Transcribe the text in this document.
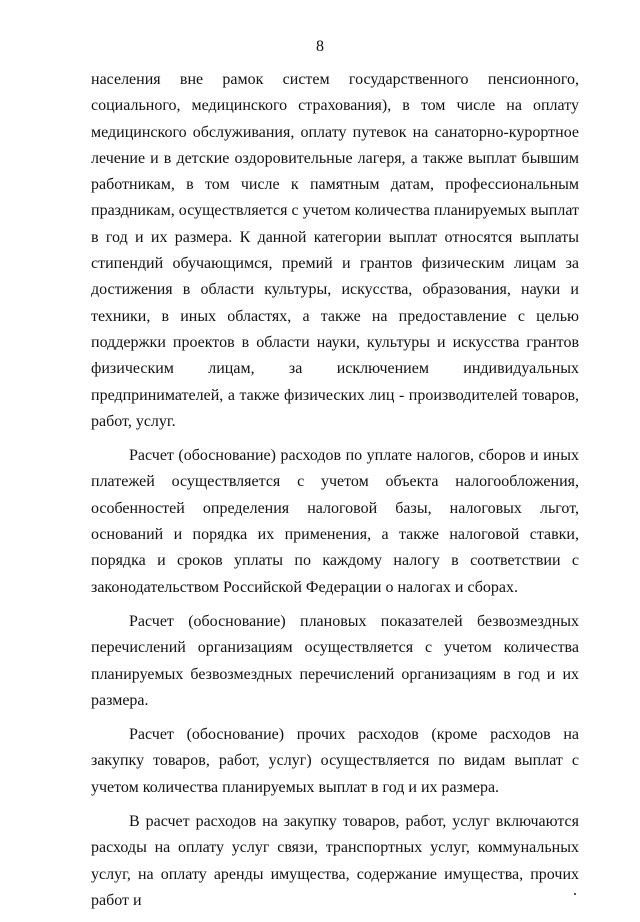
8

населения вне рамок систем государственного пенсионного, социального, медицинского страхования), в том числе на оплату медицинского обслуживания, оплату путевок на санаторно-курортное лечение и в детские оздоровительные лагеря, а также выплат бывшим работникам, в том числе к памятным датам, профессиональным праздникам, осуществляется с учетом количества планируемых выплат в год и их размера. К данной категории выплат относятся выплаты стипендий обучающимся, премий и грантов физическим лицам за достижения в области культуры, искусства, образования, науки и техники, в иных областях, а также на предоставление с целью поддержки проектов в области науки, культуры и искусства грантов физическим лицам, за исключением индивидуальных предпринимателей, а также физических лиц - производителей товаров, работ, услуг.

Расчет (обоснование) расходов по уплате налогов, сборов и иных платежей осуществляется с учетом объекта налогообложения, особенностей определения налоговой базы, налоговых льгот, оснований и порядка их применения, а также налоговой ставки, порядка и сроков уплаты по каждому налогу в соответствии с законодательством Российской Федерации о налогах и сборах.

Расчет (обоснование) плановых показателей безвозмездных перечислений организациям осуществляется с учетом количества планируемых безвозмездных перечислений организациям в год и их размера.

Расчет (обоснование) прочих расходов (кроме расходов на закупку товаров, работ, услуг) осуществляется по видам выплат с учетом количества планируемых выплат в год и их размера.

В расчет расходов на закупку товаров, работ, услуг включаются расходы на оплату услуг связи, транспортных услуг, коммунальных услуг, на оплату аренды имущества, содержание имущества, прочих работ и
